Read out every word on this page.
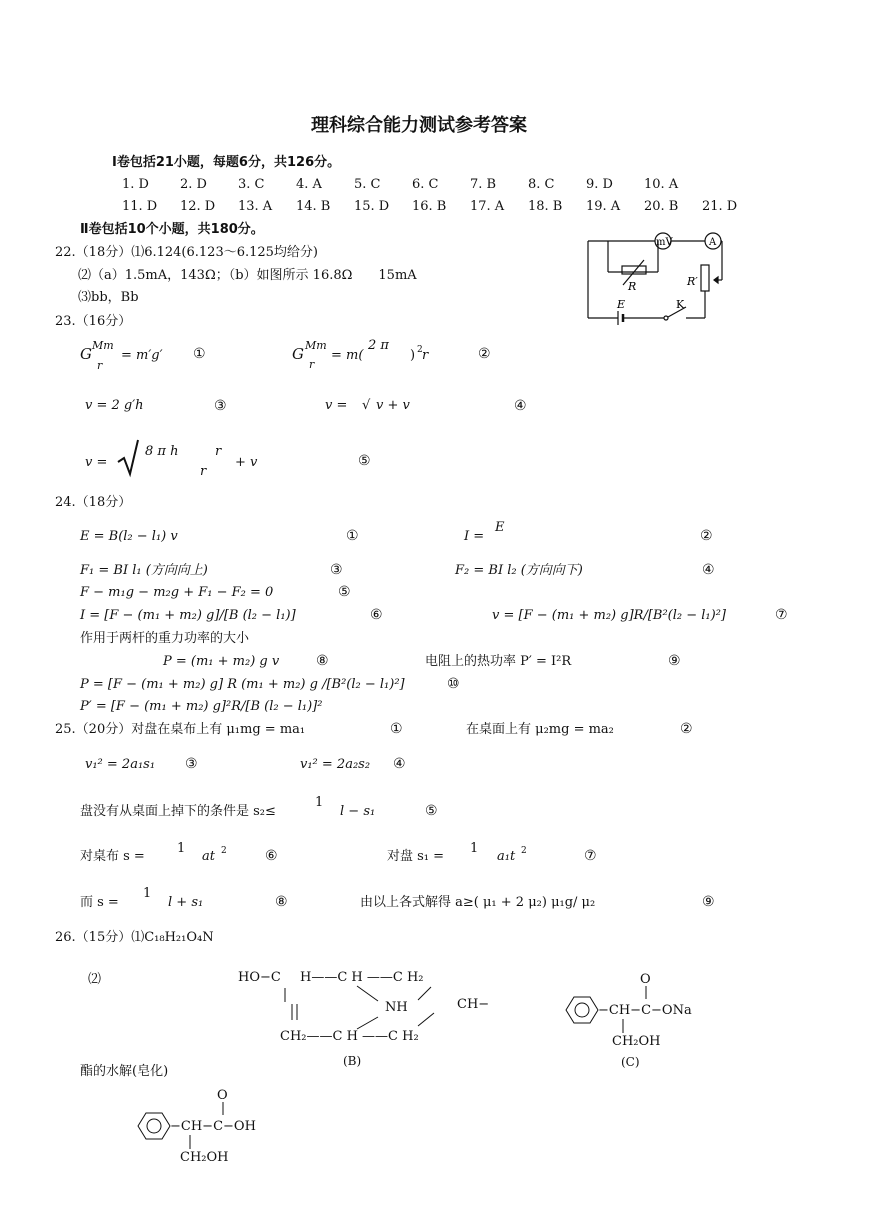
理科综合能力测试参考答案
Ⅰ卷包括21小题，每题6分，共126分。
1. D 2. D 3. C 4. A 5. C 6. C 7. B 8. C 9. D 10. A
11. D 12. D 13. A 14. B 15. D 16. B 17. A 18. B 19. A 20. B 21. D
Ⅱ卷包括10个小题，共180分。
22.（18分）⑴6.124(6.123～6.125均给分)
⑵（a）1.5mA，143Ω；（b）如图所示 16.8Ω　　15mA
⑶bb，Bb
mV	A
R	R′
E	K
23.（16分）
G Mm
r
= m′g′ ①	G Mm
r
= m(
2 π
) 2 r	②
v = 2 g′h	③	v = √ v + v	④
v =
8 π h	r
r
+ v	⑤
24.（18分）
E = B(l₂ − l₁) v	①	I =
E
②
F₁ = BI l₁ (方向向上)	③	F₂ = BI l₂ (方向向下)	④
F − m₁g − m₂g + F₁ − F₂ = 0	⑤
I = [F − (m₁ + m₂) g]/[B (l₂ − l₁)]	⑥	v = [F − (m₁ + m₂) g]R/[B²(l₂ − l₁)²]	⑦
作用于两杆的重力功率的大小
P = (m₁ + m₂) g v	⑧	电阻上的热功率 P′ = I²R	⑨
P = [F − (m₁ + m₂) g] R (m₁ + m₂) g /[B²(l₂ − l₁)²]	⑩
P′ = [F − (m₁ + m₂) g]²R/[B (l₂ − l₁)]²
25.（20分）对盘在桌布上有 μ₁mg = ma₁	①	在桌面上有 μ₂mg = ma₂	②
v₁² = 2a₁s₁ ③	v₁² = 2a₂s₂ ④
盘没有从桌面上掉下的条件是 s₂≤
1
l − s₁	⑤
对桌布 s =
1
at 2	⑥	对盘 s₁ =
1
a₁t 2	⑦
而 s =
1
l + s₁	⑧	由以上各式解得 a≥( μ₁ + 2 μ₂) μ₁g/ μ₂	⑨
26.（15分）⑴C₁₈H₂₁O₄N
⑵	HO−C H——C H ——C H₂
NH	CH−
CH₂——C H ——C H₂
(B)
O
−CH−C−ONa
CH₂OH
(C)
酯的水解(皂化)
O
−CH−C−OH
CH₂OH
